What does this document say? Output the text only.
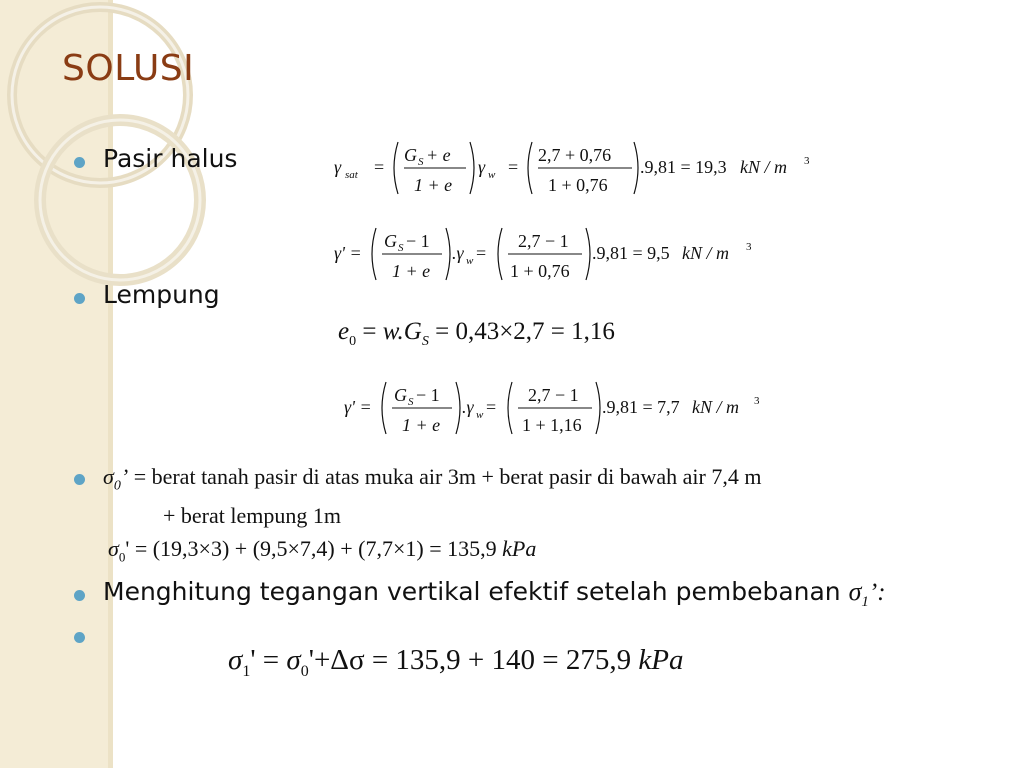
SOLUSI
Pasir halus	γ sat =
G S + e
1 + e
γ w =
2,7 + 0,76
1 + 0,76
.9,81 = 19,3 kN / m 3
γ' =
G S − 1
1 + e
.γ w =
2,7 − 1
1 + 0,76
.9,81 = 9,5 kN / m 3
Lempung
$e_0 = w.G_S = 0,43\times 2,7 = 1,16$
γ' =
G S − 1
1 + e
.γ w =
2,7 − 1
1 + 1,16
.9,81 = 7,7 kN / m 3
$\sigma_0$’ = berat tanah pasir di atas muka air 3m + berat pasir di bawah air 7,4 m
+ berat lempung 1m
$\sigma_0' = (19,3\times 3) + (9,5\times 7,4) + (7,7\times 1) = 135,9$ kPa
Menghitung tegangan vertikal efektif setelah pembebanan $\sigma_1$’:
$\sigma_1' = \sigma_0'+\Delta\sigma = 135,9 + 140 = 275,9$ kPa
